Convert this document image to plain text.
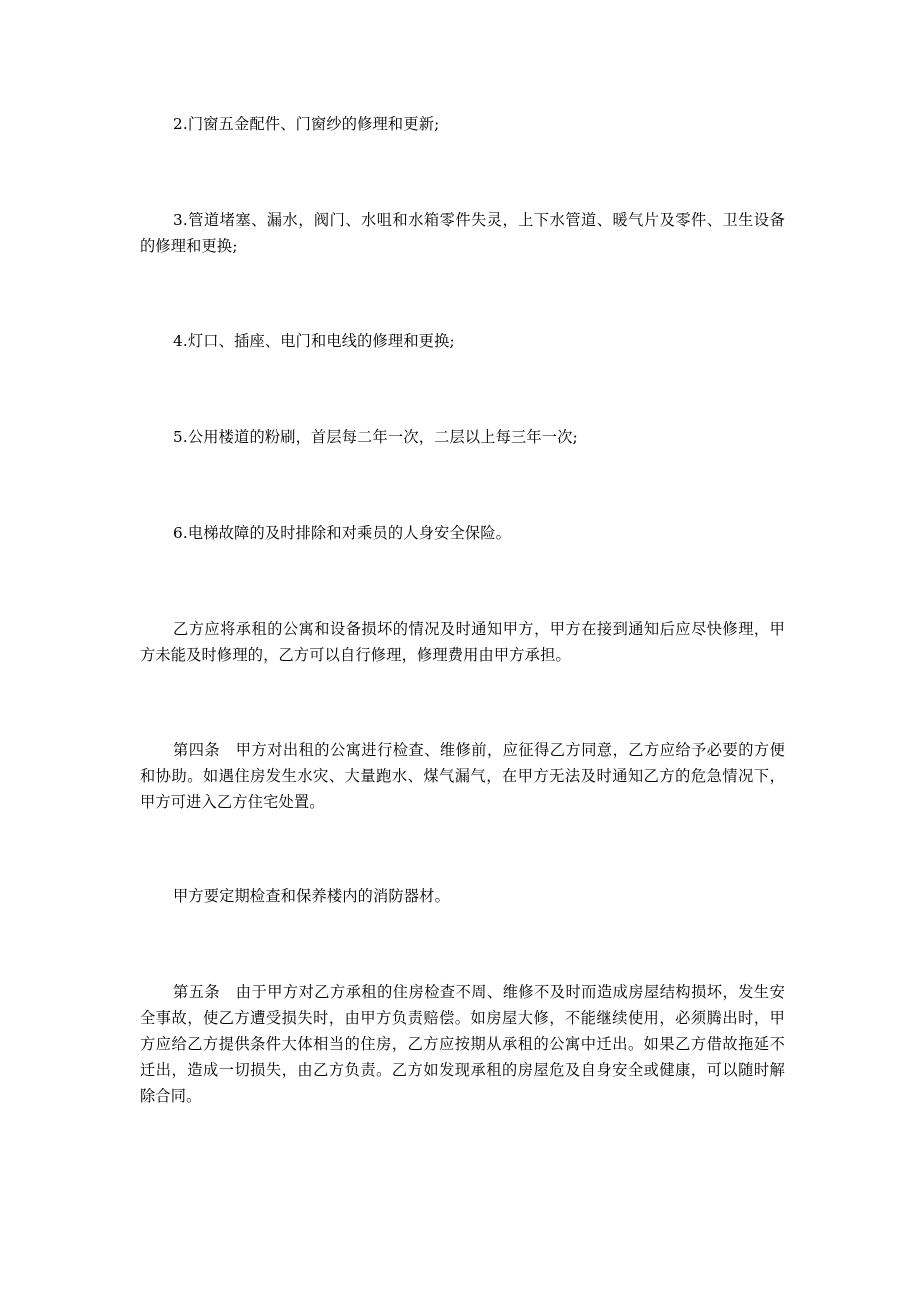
2.门窗五金配件、门窗纱的修理和更新;

3.管道堵塞、漏水，阀门、水咀和水箱零件失灵，上下水管道、暖气片及零件、卫生设备的修理和更换;

4.灯口、插座、电门和电线的修理和更换;

5.公用楼道的粉刷，首层每二年一次，二层以上每三年一次;

6.电梯故障的及时排除和对乘员的人身安全保险。

乙方应将承租的公寓和设备损坏的情况及时通知甲方，甲方在接到通知后应尽快修理，甲方未能及时修理的，乙方可以自行修理，修理费用由甲方承担。

第四条　甲方对出租的公寓进行检查、维修前，应征得乙方同意，乙方应给予必要的方便和协助。如遇住房发生水灾、大量跑水、煤气漏气，在甲方无法及时通知乙方的危急情况下，甲方可进入乙方住宅处置。

甲方要定期检查和保养楼内的消防器材。

第五条　由于甲方对乙方承租的住房检查不周、维修不及时而造成房屋结构损坏，发生安全事故，使乙方遭受损失时，由甲方负责赔偿。如房屋大修，不能继续使用，必须腾出时，甲方应给乙方提供条件大体相当的住房，乙方应按期从承租的公寓中迁出。如果乙方借故拖延不迁出，造成一切损失，由乙方负责。乙方如发现承租的房屋危及自身安全或健康，可以随时解除合同。
